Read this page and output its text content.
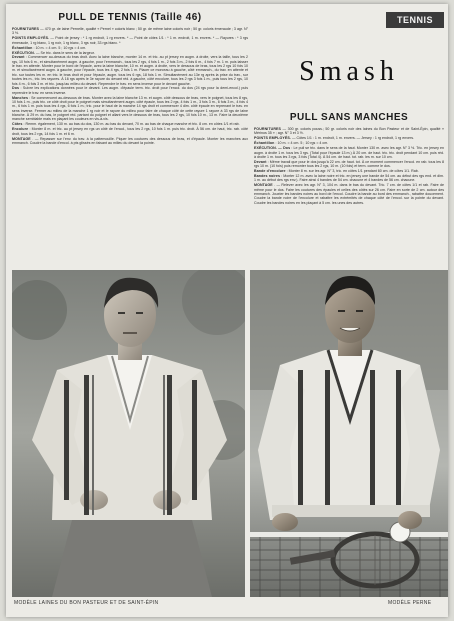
PULL DE TENNIS (Taille 46)

FOURNITURES — 470 gr. de laine Pernelle, qualité « Pernel » coloris blanc ; 50 gr. de même laine coloris noir ; 50 gr. coloris émeraude ; 3 agr. N° 3 ½.

POINTS EMPLOYÉS. — Point de jersey : * 1 rg endroit, 1 rg envers. * — Point de côtes 1/1 : * 1 m. endroit, 1 m. envers. * — Rayures : * 3 rgs émeraude, 1 rg blanc, 1 rg noir, 1 rg blanc, 3 rgs noir, 33 rgs blanc. *

Échantillon : 10 m. = 4 cm. 5 ; 10 rgs = 4 cm.

EXÉCUTION. — Se tric. dans le sens de la largeur.

Devant : Commencer au-dessus du bras droit. Avec la laine blanche, monter 14 m. et tric. au pt jersey en augm. à droite, vers la taille, tous les 2 rgs, 10 fois 6 m., et simultanément augm. à gauche, pour l'emmanch., tous les 2 rgs, 4 fois 1 m., 2 fois 3 m., 2 fois 6 m., 4 fois 7 m. 1 m. puis laisser le trav. en attente. Monter pour le bord de l'épaule, avec la laine blanche, 10 m. et augm. à droite, vers le dessous de bras, tous les 2 rgs 10 fois 10 m. et simultanément augm. à gauche, pour l'épaule, tous les 4 rgs, 2 fois 1 m. Placer ce morceau à gauche, côté emmanch., du trav. en attente et tric. sur toutes les m. en tric. le bras droit et pour l'épaule, augm. tous les 6 rgs, 18 fois 1 m. Simultanément au 13e rg après la prise du trav., sur toutes les m., tric. les rayures. À 16 rgs après le 3e rayure du devant réd. à gauche, côté encolure, tous les 2 rgs 3 fois 1 m., puis tous les 2 rgs, 10 fois 4 m., 6 fois 3 m. et tric. jusqu'au milieu du devant. Reprendre le trav. en sens inverse pour le devant gauche.

Dos : Suivre les explications données pour le devant. Les augm. d'épaule term. tric. droit pour l'encol. du dos (24 rgs pour la demi-encol.) puis reprendre le trav. en sens inverse.

Manches : Se commencent au-dessous de bras. Monter avec la laine blanche 13 m. et augm. côté dessous de bras, vers le poignet, tous les 8 rgs, 10 fois 1 m., puis tric. ce côté droit pour le poignet mais simultanément augm. côté épaule, tous les 2 rgs, 4 fois 1 m., 3 fois 3 m., 6 fois 3 m., 4 fois 4 m., 6 fois 1 m. puis tous les 4 rgs, 6 fois 1 m.; tric. pour le haut de la manche 14 rgs droit et commencer 4 dim. côté épaule en reprenant le trav. en sens inverse. Fermer au milieu de la manche 1 rg noir et le rayure du milieu pour faire de chaque côté de cette rayure 1 rayure à 33 rgs de laine blanche. À 29 m. du bas, le poignet réd. partant du poignet et allant vers le dessous de bras, tous les 2 rgs, 10 fois 10 m., 13 m. Faire la deuxième manche semblable mais en plaçant les couleurs en vis-à-vis.

Côtes : Remm. également, 130 m. au bas du dos, 130 m. au bas du devant, 70 m. au bas de chaque manche et tric. 8 cm. en côtes 1/1 et rab.

Encolure : Monter 8 m. et tric. au pt jersey en rgs un côté de l'encol., tous les 2 rgs, 10 fois 1 m. puis tric. droit. À 56 cm. de haut, tric. rab. côté droit, tous les 2 rgs, 14 fois 1 m. et 6 m.

MONTAGE . — Repasser sur l'env. du trav. à la pattemouille. Piquer les coutures des dessous de bras, et d'épaule. Monter les manches aux emmanch. Coudre la bande d'encol. à pts glissés en faisant au milieu du devant la pointe.

TENNIS
Smash
PULL SANS MANCHES

FOURNITURES — 300 gr. coloris pouss.; 50 gr. coloris noir des laines du Bon Pasteur et de Saint-Épin, qualité « Mérinos 35 » ; agr. N° 3 et 3 ½.

POINTS EMPLOYÉS. — Côtes 1/1 : 1 m. endroit, 1 m. envers. — Jersey : 1 rg endroit, 1 rg envers.

Échantillon : 10 m. = 4 cm. 5 ; 10 rgs = 4 cm.

EXÉCUTION. — Dos : Le pull se tric. dans le sens de la haut. Monter 130 m. avec les agr. N° 3 ½. Tric. en jersey en augm. à droite 1 m. tous les 3 rgs. (Total pour l'épaule 13 m.) À 20 cm. de haut. tric. tric. droit pendant 10 cm. puis réd. à droite 1 m. tous les 3 rgs, 3 fois (Total 4). À 54 cm. de haut. tot. rab. les m. sur 10 cm.

Devant : Même travail que pour le dos jusqu'à 22 cm. de haut. tot. À ce moment commencer l'encol. en rab. tous les 8 rgs 10 m. (10 fois) puis remonter tous les 2 rgs, 10 m. (10 fois) et term. comme le dos.

Bande d'encolure : Monter 8 m. sur les agr. N° 3, tric. en côtes 1/1 pendant 60 cm. de côtes 1/1. Rab.

Bandes noires : Monter 12 m. avec la laine noire et tric. en jersey une bande de 54 cm. au début des rgs end. et dim. 1 m. au début des rgs env.). Faire ainsi 4 bandes de 54 cm. chacune et 4 bandes de 56 cm. chacune.

MONTAGE . — Relever avec les agr. N° 3, 104 m. dans le bas du devant. Tric. 7 cm. de côtes 1/1 et rab. Faire de même pour le dos. Faire les coutures des épaules et celles des côtés sur 26 cm. Faire en sorte de 2 cm. autour des emmanch. Jouxter les bandes noires au bord de l'encol. Coudre la bande au bord des emmanch., rabattre doucement. Coudre la bande noire de l'encolure et rabattre les extrémités de chaque côté de l'encol. sur la pointe du devant. Coudre les bandes noires en les plaçant à 5 cm. les unes des autres.

MODÈLE LAINES DU BON PASTEUR ET DE SAINT-ÉPIN	MODÈLE PERNE
